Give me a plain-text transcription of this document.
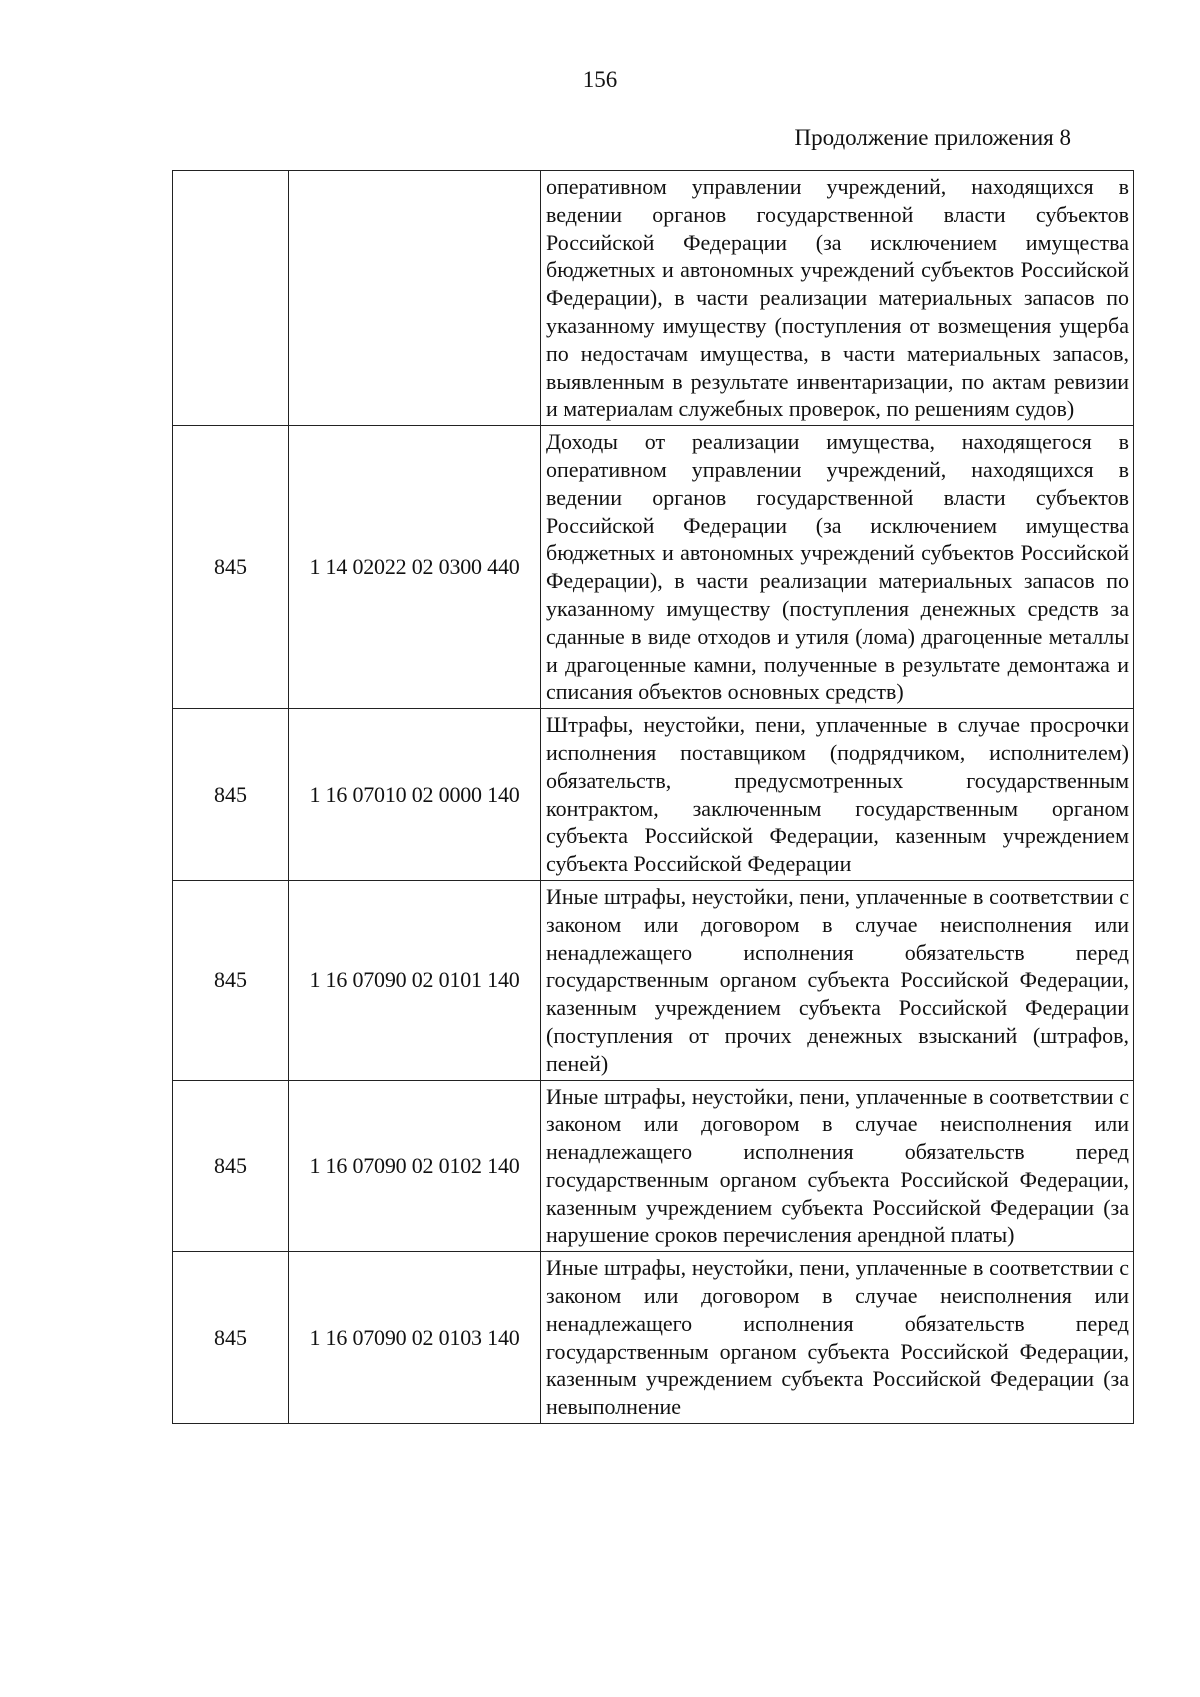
156
Продолжение приложения 8

		оперативном управлении учреждений, находящихся в ведении органов государственной власти субъектов Российской Федерации (за исключением имущества бюджетных и автономных учреждений субъектов Российской Федерации), в части реализации материальных запасов по указанному имуществу (поступления от возмещения ущерба по недостачам имущества, в части материальных запасов, выявленным в результате инвентаризации, по актам ревизии и материалам служебных проверок, по решениям судов)

845	1 14 02022 02 0300 440	Доходы от реализации имущества, находящегося в оперативном управлении учреждений, находящихся в ведении органов государственной власти субъектов Российской Федерации (за исключением имущества бюджетных и автономных учреждений субъектов Российской Федерации), в части реализации материальных запасов по указанному имуществу (поступления денежных средств за сданные в виде отходов и утиля (лома) драгоценные металлы и драгоценные камни, полученные в результате демонтажа и списания объектов основных средств)

845	1 16 07010 02 0000 140	Штрафы, неустойки, пени, уплаченные в случае просрочки исполнения поставщиком (подрядчиком, исполнителем) обязательств, предусмотренных государственным контрактом, заключенным государственным органом субъекта Российской Федерации, казенным учреждением субъекта Российской Федерации

845	1 16 07090 02 0101 140	Иные штрафы, неустойки, пени, уплаченные в соответствии с законом или договором в случае неисполнения или ненадлежащего исполнения обязательств перед государственным органом субъекта Российской Федерации, казенным учреждением субъекта Российской Федерации (поступления от прочих денежных взысканий (штрафов, пеней)

845	1 16 07090 02 0102 140	Иные штрафы, неустойки, пени, уплаченные в соответствии с законом или договором в случае неисполнения или ненадлежащего исполнения обязательств перед государственным органом субъекта Российской Федерации, казенным учреждением субъекта Российской Федерации (за нарушение сроков перечисления арендной платы)

845	1 16 07090 02 0103 140	Иные штрафы, неустойки, пени, уплаченные в соответствии с законом или договором в случае неисполнения или ненадлежащего исполнения обязательств перед государственным органом субъекта Российской Федерации, казенным учреждением субъекта Российской Федерации (за невыполнение
